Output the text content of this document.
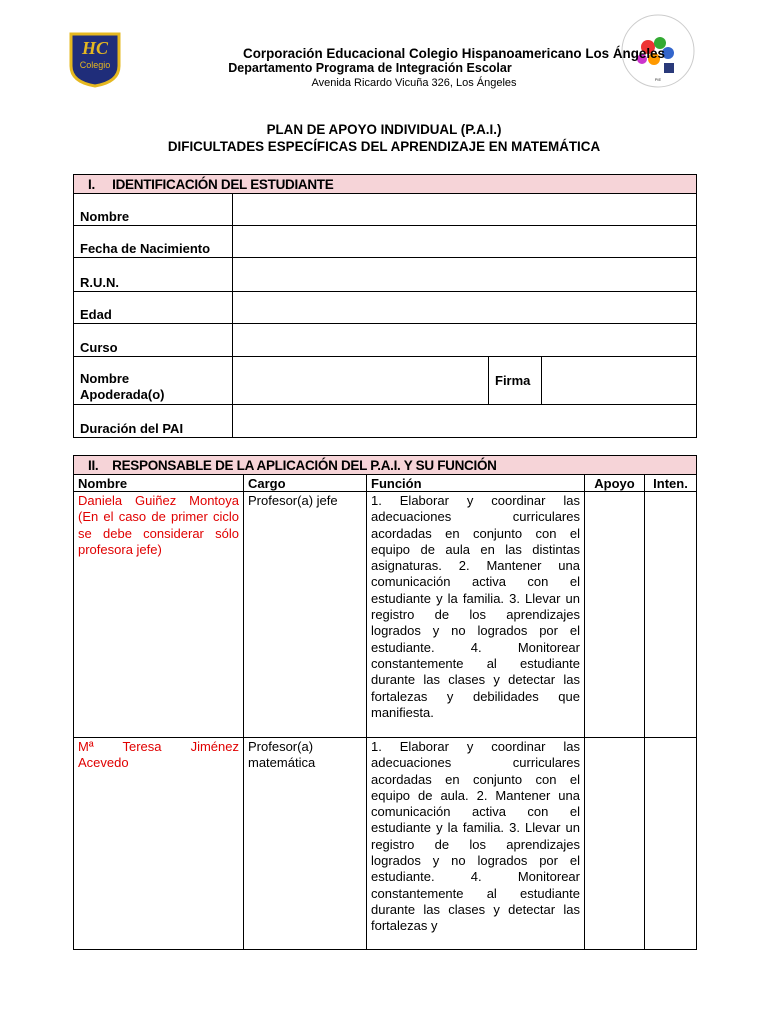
HC
Colegio
PIE
Corporación Educacional Colegio Hispanoamericano Los Ángeles
Departamento Programa de Integración Escolar
Avenida Ricardo Vicuña 326, Los Ángeles
PLAN DE APOYO INDIVIDUAL (P.A.I.)
DIFICULTADES ESPECÍFICAS DEL APRENDIZAJE EN MATEMÁTICA
I.     IDENTIFICACIÓN DEL ESTUDIANTE			

Nombre			

Fecha de Nacimiento			

R.U.N.			

Edad			

Curso			

Nombre
Apoderada(o)		Firma	

Duración del PAI			

II.    RESPONSABLE DE LA APLICACIÓN DEL P.A.I. Y SU FUNCIÓN				
Nombre	Cargo	Función	Apoyo	Inten.
Daniela Guiñez Montoya (En el caso de primer ciclo se debe considerar sólo profesora jefe)	Profesor(a) jefe	1. Elaborar y coordinar las adecuaciones curriculares acordadas en conjunto con el equipo de aula en las distintas asignaturas. 2. Mantener una comunicación activa con el estudiante y la familia. 3. Llevar un registro de los aprendizajes logrados y no logrados por el estudiante. 4. Monitorear constantemente al estudiante durante las clases y detectar las fortalezas y debilidades que manifiesta.		
Mª Teresa Jiménez Acevedo	Profesor(a) matemática	1. Elaborar y coordinar las adecuaciones curriculares acordadas en conjunto con el equipo de aula. 2. Mantener una comunicación activa con el estudiante y la familia. 3. Llevar un registro de los aprendizajes logrados y no logrados por el estudiante. 4. Monitorear constantemente al estudiante durante las clases y detectar las fortalezas y		
